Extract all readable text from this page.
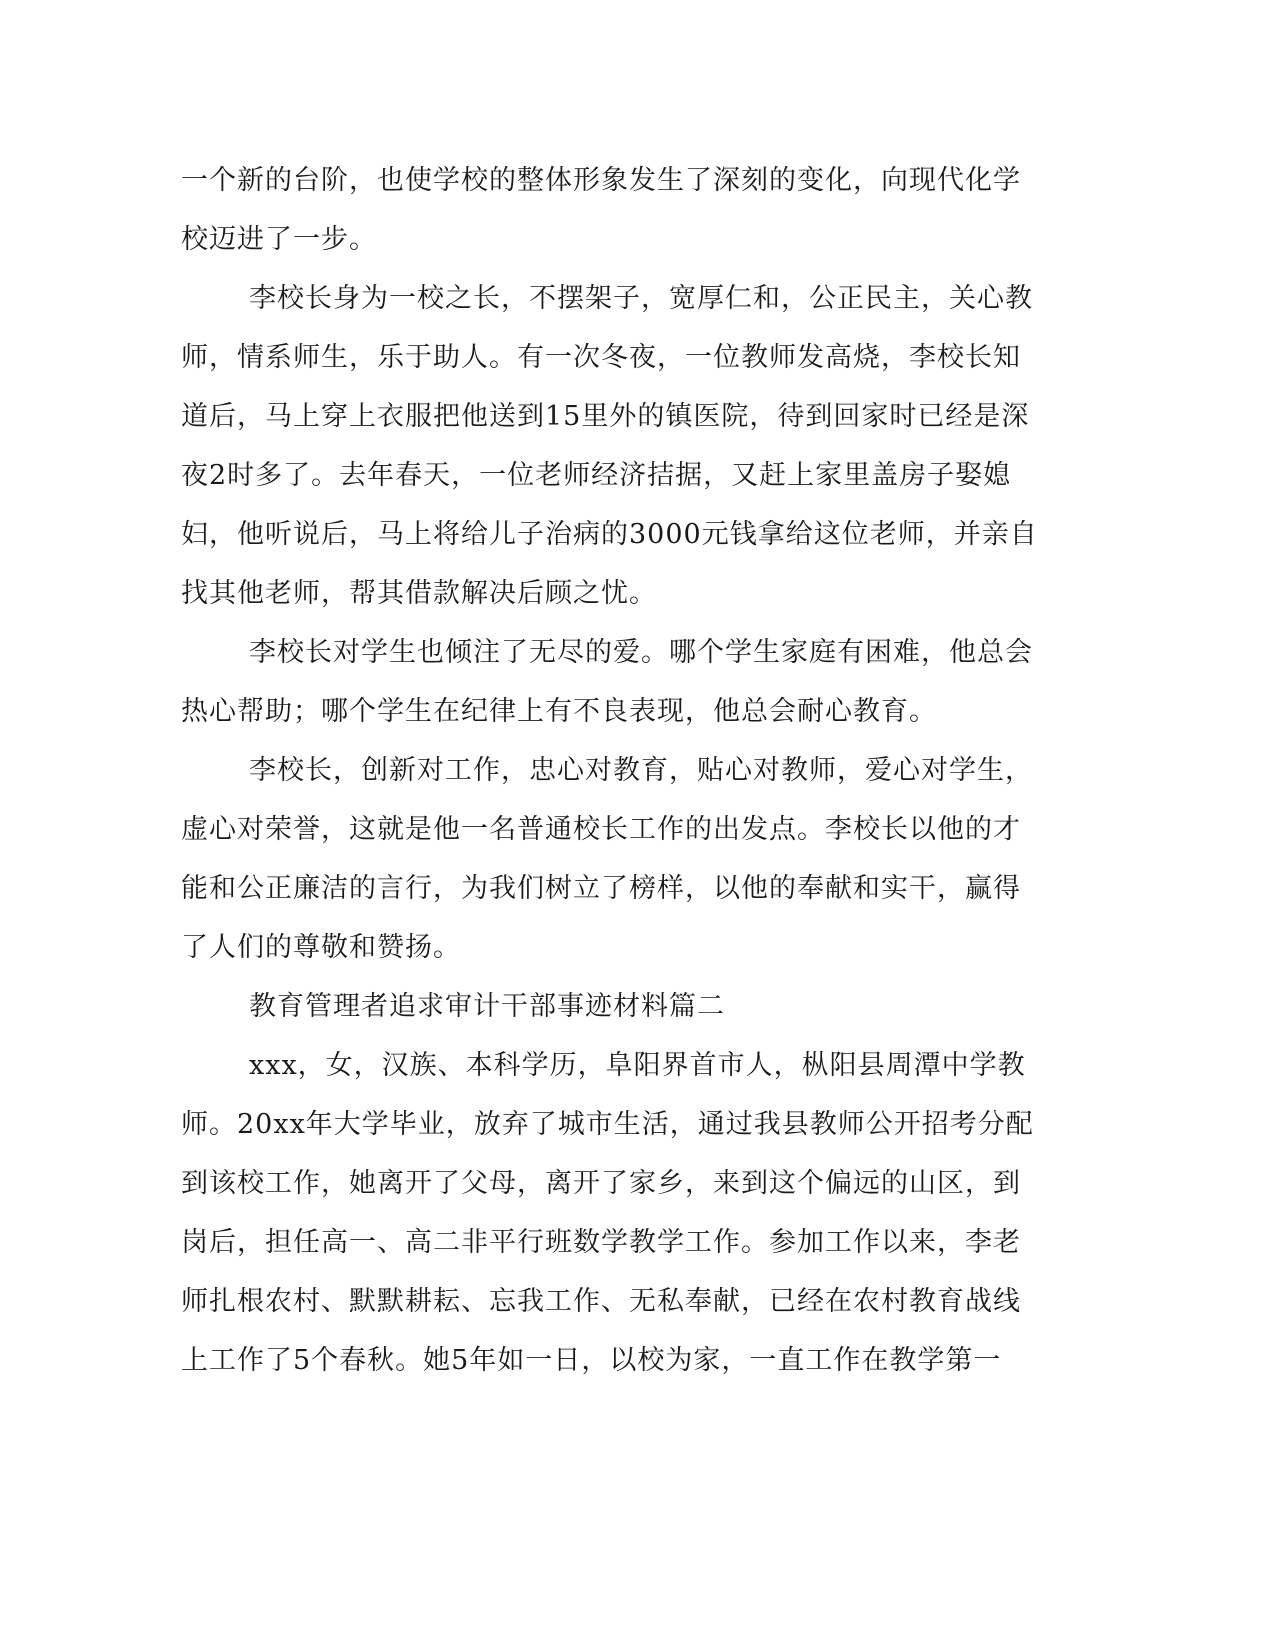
一个新的台阶，也使学校的整体形象发生了深刻的变化，向现代化学
校迈进了一步。
李校长身为一校之长，不摆架子，宽厚仁和，公正民主，关心教
师，情系师生，乐于助人。有一次冬夜，一位教师发高烧，李校长知
道后，马上穿上衣服把他送到15里外的镇医院，待到回家时已经是深
夜2时多了。去年春天，一位老师经济拮据，又赶上家里盖房子娶媳
妇，他听说后，马上将给儿子治病的3000元钱拿给这位老师，并亲自
找其他老师，帮其借款解决后顾之忧。
李校长对学生也倾注了无尽的爱。哪个学生家庭有困难，他总会
热心帮助；哪个学生在纪律上有不良表现，他总会耐心教育。
李校长，创新对工作，忠心对教育，贴心对教师，爱心对学生，
虚心对荣誉，这就是他一名普通校长工作的出发点。李校长以他的才
能和公正廉洁的言行，为我们树立了榜样，以他的奉献和实干，赢得
了人们的尊敬和赞扬。
教育管理者追求审计干部事迹材料篇二
xxx，女，汉族、本科学历，阜阳界首市人，枞阳县周潭中学教
师。20xx年大学毕业，放弃了城市生活，通过我县教师公开招考分配
到该校工作，她离开了父母，离开了家乡，来到这个偏远的山区，到
岗后，担任高一、高二非平行班数学教学工作。参加工作以来，李老
师扎根农村、默默耕耘、忘我工作、无私奉献，已经在农村教育战线
上工作了5个春秋。她5年如一日，以校为家，一直工作在教学第一
